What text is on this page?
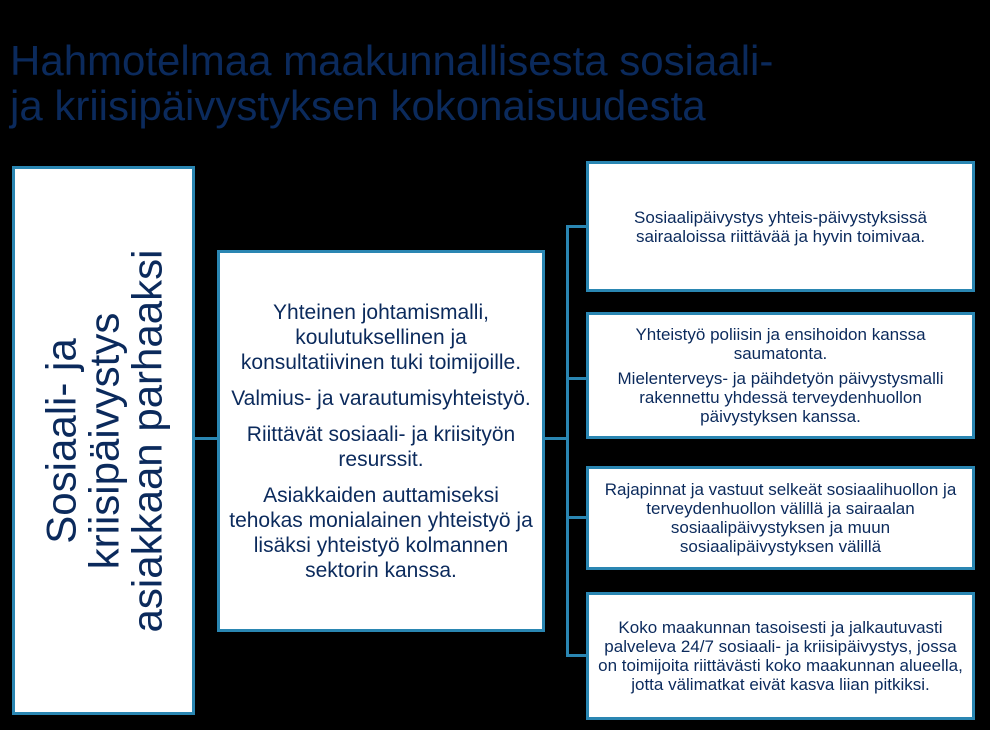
Hahmotelmaa maakunnallisesta sosiaali-
ja kriisipäivystyksen kokonaisuudesta
Sosiaali- ja
kriisipäivystys
asiakkaan parhaaksi	Yhteinen johtamismalli, koulutuksellinen ja konsultatiivinen tuki toimijoille.

Valmius- ja varautumisyhteistyö.

Riittävät sosiaali- ja kriisityön resurssit.

Asiakkaiden auttamiseksi tehokas monialainen yhteistyö ja lisäksi yhteistyö kolmannen sektorin kanssa.

Sosiaalipäivystys yhteis-päivystyksissä sairaaloissa riittävää ja hyvin toimivaa.

Yhteistyö poliisin ja ensihoidon kanssa saumatonta.

Mielenterveys- ja päihdetyön päivystysmalli rakennettu yhdessä terveydenhuollon päivystyksen kanssa.

Rajapinnat ja vastuut selkeät sosiaalihuollon ja terveydenhuollon välillä ja sairaalan sosiaalipäivystyksen ja muun sosiaalipäivystyksen välillä

Koko maakunnan tasoisesti ja jalkautuvasti palveleva 24/7 sosiaali- ja kriisipäivystys, jossa on toimijoita riittävästi koko maakunnan alueella, jotta välimatkat eivät kasva liian pitkiksi.
